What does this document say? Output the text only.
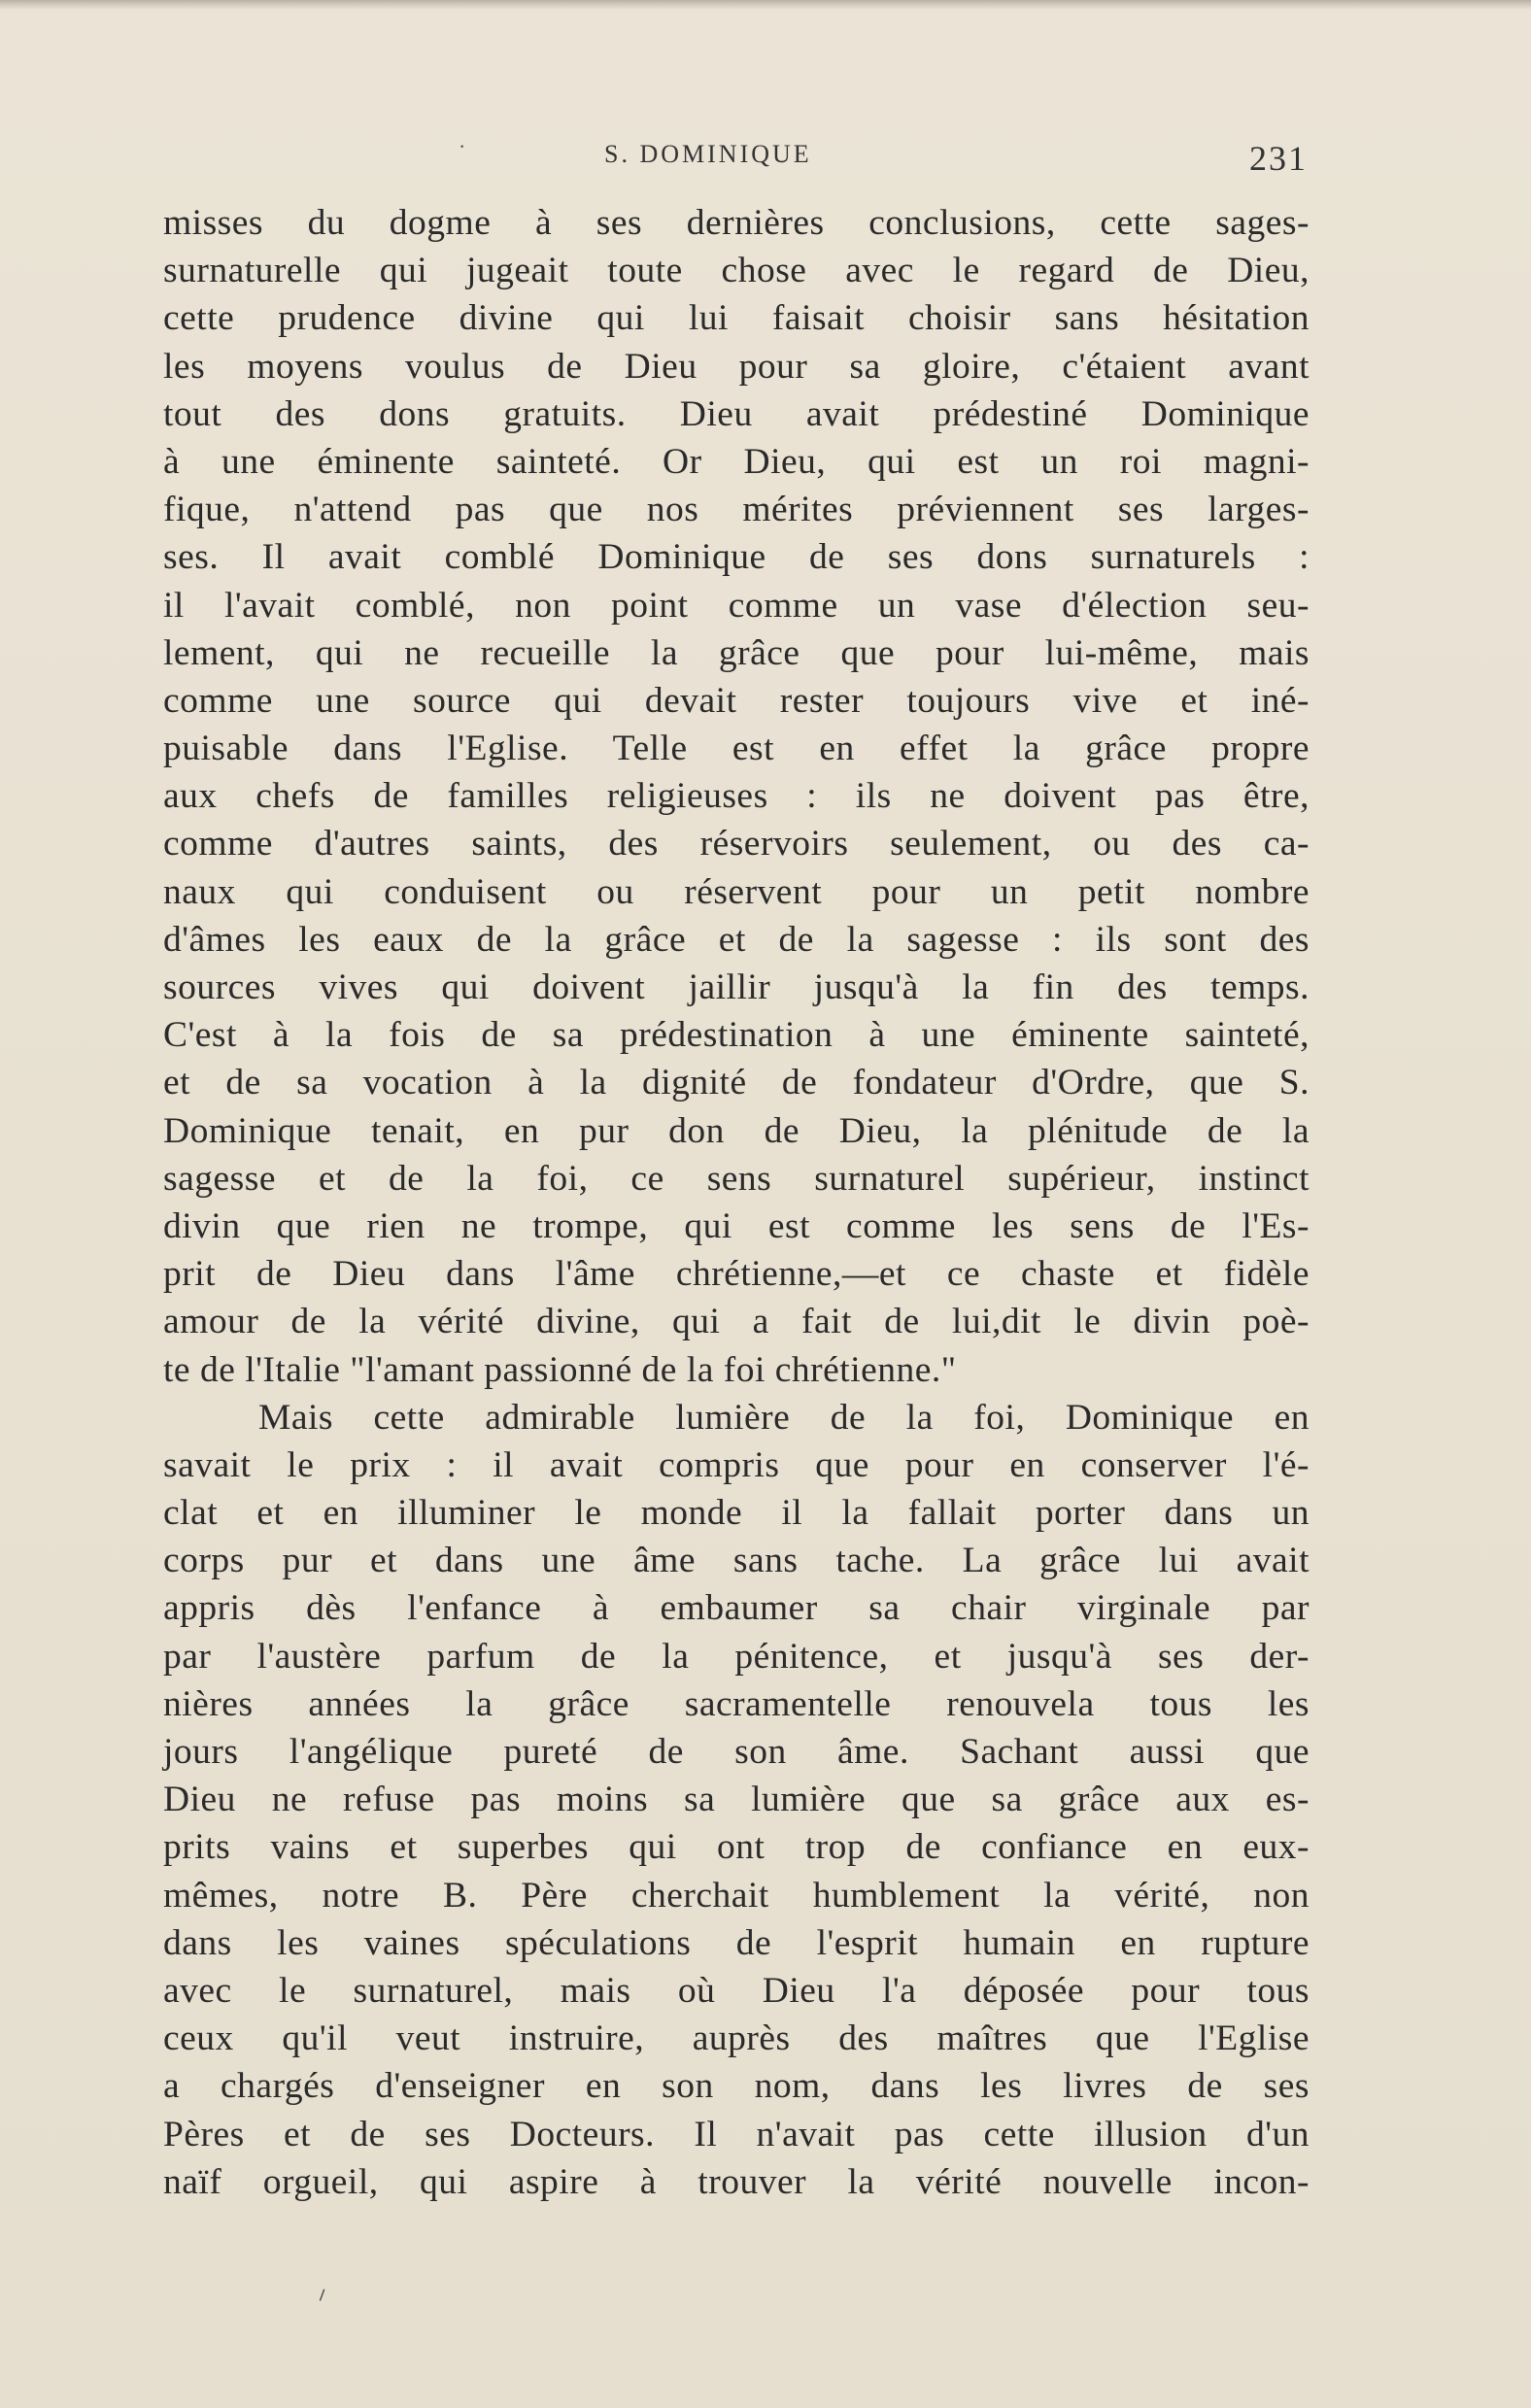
·	S. DOMINIQUE	231
misses du dogme à ses dernières conclusions, cette sages-
surnaturelle qui jugeait toute chose avec le regard de Dieu,
cette prudence divine qui lui faisait choisir sans hésitation
les moyens voulus de Dieu pour sa gloire, c'étaient avant
tout des dons gratuits. Dieu avait prédestiné Dominique
à une éminente sainteté. Or Dieu, qui est un roi magni-
fique, n'attend pas que nos mérites préviennent ses larges-
ses. Il avait comblé Dominique de ses dons surnaturels :
il l'avait comblé, non point comme un vase d'élection seu-
lement, qui ne recueille la grâce que pour lui-même, mais
comme une source qui devait rester toujours vive et iné-
puisable dans l'Eglise. Telle est en effet la grâce propre
aux chefs de familles religieuses : ils ne doivent pas être,
comme d'autres saints, des réservoirs seulement, ou des ca-
naux qui conduisent ou réservent pour un petit nombre
d'âmes les eaux de la grâce et de la sagesse : ils sont des
sources vives qui doivent jaillir jusqu'à la fin des temps.
C'est à la fois de sa prédestination à une éminente sainteté,
et de sa vocation à la dignité de fondateur d'Ordre, que S.
Dominique tenait, en pur don de Dieu, la plénitude de la
sagesse et de la foi, ce sens surnaturel supérieur, instinct
divin que rien ne trompe, qui est comme les sens de l'Es-
prit de Dieu dans l'âme chrétienne,—et ce chaste et fidèle
amour de la vérité divine, qui a fait de lui,dit le divin poè-
te de l'Italie "l'amant passionné de la foi chrétienne."
Mais cette admirable lumière de la foi, Dominique en
savait le prix : il avait compris que pour en conserver l'é-
clat et en illuminer le monde il la fallait porter dans un
corps pur et dans une âme sans tache. La grâce lui avait
appris dès l'enfance à embaumer sa chair virginale par
par l'austère parfum de la pénitence, et jusqu'à ses der-
nières années la grâce sacramentelle renouvela tous les
jours l'angélique pureté de son âme. Sachant aussi que
Dieu ne refuse pas moins sa lumière que sa grâce aux es-
prits vains et superbes qui ont trop de confiance en eux-
mêmes, notre B. Père cherchait humblement la vérité, non
dans les vaines spéculations de l'esprit humain en rupture
avec le surnaturel, mais où Dieu l'a déposée pour tous
ceux qu'il veut instruire, auprès des maîtres que l'Eglise
a chargés d'enseigner en son nom, dans les livres de ses
Pères et de ses Docteurs. Il n'avait pas cette illusion d'un
naïf orgueil, qui aspire à trouver la vérité nouvelle incon-
⸝
